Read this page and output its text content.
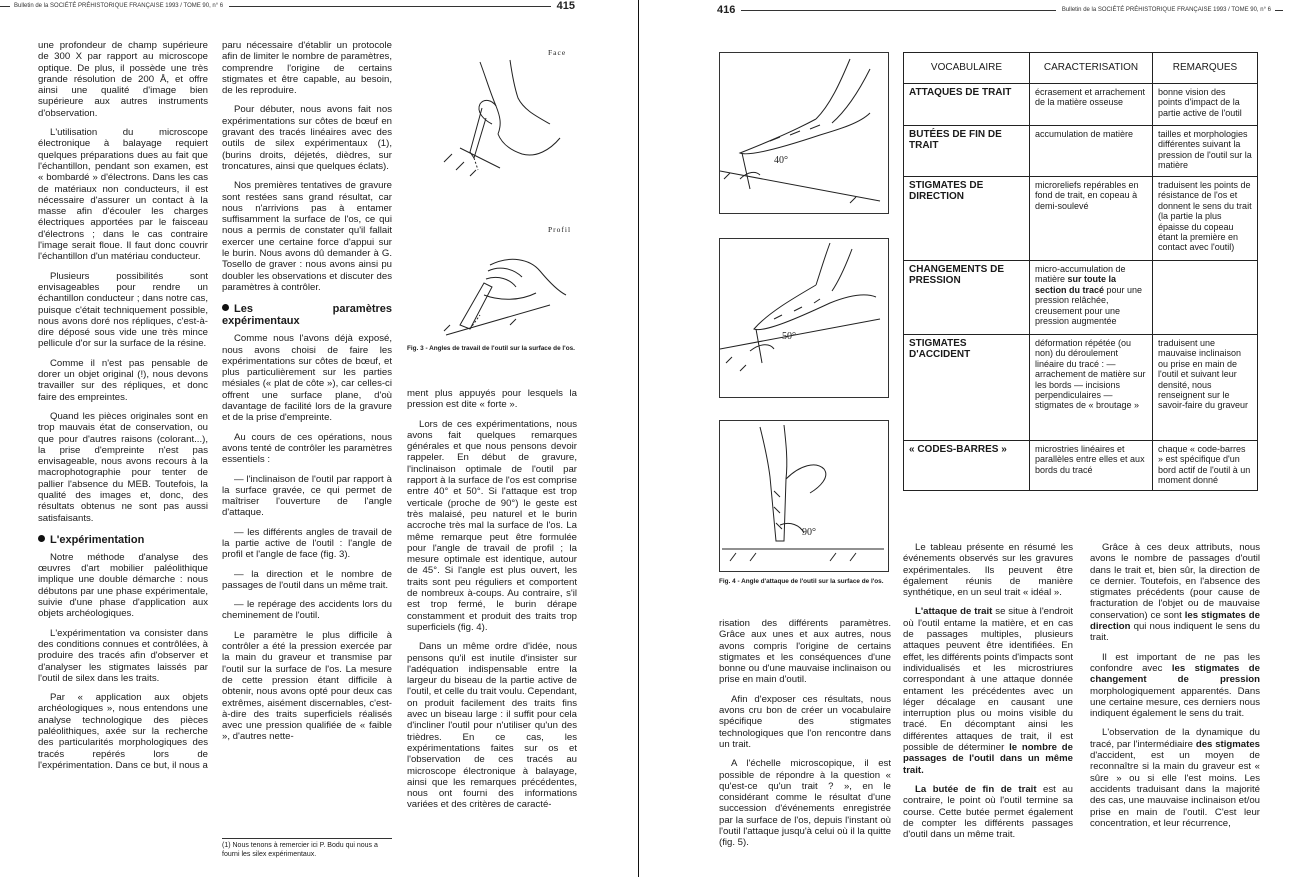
Bulletin de la SOCIÉTÉ PRÉHISTORIQUE FRANÇAISE 1993 / TOME 90, n° 6	415

une profondeur de champ supérieure de 300 X par rapport au microscope optique. De plus, il possède une très grande résolution de 200 Å, et offre ainsi une qualité d'image bien supérieure aux autres instruments d'observation.

L'utilisation du microscope électronique à balayage requiert quelques préparations dues au fait que l'échantillon, pendant son examen, est « bombardé » d'électrons. Dans les cas de matériaux non conducteurs, il est nécessaire d'assurer un contact à la masse afin d'écouler les charges électriques apportées par le faisceau d'électrons ; dans le cas contraire l'image serait floue. Il faut donc couvrir l'échantillon d'un matériau conducteur.

Plusieurs possibilités sont envisageables pour rendre un échantillon conducteur ; dans notre cas, puisque c'était techniquement possible, nous avons doré nos répliques, c'est-à-dire déposé sous vide une très mince pellicule d'or sur la surface de la résine.

Comme il n'est pas pensable de dorer un objet original (!), nous devons travailler sur des répliques, et donc faire des empreintes.

Quand les pièces originales sont en trop mauvais état de conservation, ou que pour d'autres raisons (colorant...), la prise d'empreinte n'est pas envisageable, nous avons recours à la macrophotographie pour tenter de pallier l'absence du MEB. Toutefois, la qualité des images et, donc, des résultats obtenus ne sont pas aussi satisfaisants.

L'expérimentation

Notre méthode d'analyse des œuvres d'art mobilier paléolithique implique une double démarche : nous débutons par une phase expérimentale, suivie d'une phase d'application aux objets archéologiques.

L'expérimentation va consister dans des conditions connues et contrôlées, à produire des tracés afin d'observer et d'analyser les stigmates laissés par l'outil de silex dans les traits.

Par « application aux objets archéologiques », nous entendons une analyse technologique des pièces paléolithiques, axée sur la recherche des particularités morphologiques des tracés repérés lors de l'expérimentation. Dans ce but, il nous a

paru nécessaire d'établir un protocole afin de limiter le nombre de paramètres, comprendre l'origine de certains stigmates et être capable, au besoin, de les reproduire.

Pour débuter, nous avons fait nos expérimentations sur côtes de bœuf en gravant des tracés linéaires avec des outils de silex expérimentaux (1), (burins droits, déjetés, dièdres, sur troncatures, ainsi que quelques éclats).

Nos premières tentatives de gravure sont restées sans grand résultat, car nous n'arrivions pas à entamer suffisamment la surface de l'os, ce qui nous a permis de constater qu'il fallait exercer une certaine force d'appui sur le burin. Nous avons dû demander à G. Tosello de graver : nous avons ainsi pu doubler les observations et discuter des paramètres à contrôler.

Les paramètres expérimentaux

Comme nous l'avons déjà exposé, nous avons choisi de faire les expérimentations sur côtes de bœuf, et plus particulièrement sur les parties mésiales (« plat de côte »), car celles-ci offrent une surface plane, d'où davantage de facilité lors de la gravure et de la prise d'empreinte.

Au cours de ces opérations, nous avons tenté de contrôler les paramètres essentiels :

— l'inclinaison de l'outil par rapport à la surface gravée, ce qui permet de maîtriser l'ouverture de l'angle d'attaque.

— les différents angles de travail de la partie active de l'outil : l'angle de profil et l'angle de face (fig. 3).

— la direction et le nombre de passages de l'outil dans un même trait.

— le repérage des accidents lors du cheminement de l'outil.

Le paramètre le plus difficile à contrôler a été la pression exercée par la main du graveur et transmise par l'outil sur la surface de l'os. La mesure de cette pression étant difficile à obtenir, nous avons opté pour deux cas extrêmes, aisément discernables, c'est-à-dire des traits superficiels réalisés avec une pression qualifiée de « faible », d'autres nette-

(1) Nous tenons à remercier ici P. Bodu qui nous a fourni les silex expérimentaux.
Face
Profil
Fig. 3 - Angles de travail de l'outil sur la surface de l'os.

ment plus appuyés pour lesquels la pression est dite « forte ».

Lors de ces expérimentations, nous avons fait quelques remarques générales et que nous pensons devoir rappeler. En début de gravure, l'inclinaison optimale de l'outil par rapport à la surface de l'os est comprise entre 40° et 50°. Si l'attaque est trop verticale (proche de 90°) le geste est très malaisé, peu naturel et le burin accroche très mal la surface de l'os. La même remarque peut être formulée pour l'angle de travail de profil ; la mesure optimale est identique, autour de 45°. Si l'angle est plus ouvert, les traits sont peu réguliers et comportent de nombreux à-coups. Au contraire, s'il est trop fermé, le burin dérape constamment et produit des traits trop superficiels (fig. 4).

Dans un même ordre d'idée, nous pensons qu'il est inutile d'insister sur l'adéquation indispensable entre la largeur du biseau de la partie active de l'outil, et celle du trait voulu. Cependant, on produit facilement des traits fins avec un biseau large : il suffit pour cela d'incliner l'outil pour n'utiliser qu'un des trièdres. En ce cas, les expérimentations faites sur os et l'observation de ces tracés au microscope électronique à balayage, ainsi que les remarques précédentes, nous ont fourni des informations variées et des critères de caracté-

416	Bulletin de la SOCIÉTÉ PRÉHISTORIQUE FRANÇAISE 1993 / TOME 90, n° 6
40°
50°
90°
Fig. 4 - Angle d'attaque de l'outil sur la surface de l'os.
VOCABULAIRE	CARACTERISATION	REMARQUES
ATTAQUES DE TRAIT	écrasement et arrachement de la matière osseuse	bonne vision des points d'impact de la partie active de l'outil
BUTÉES DE FIN DE TRAIT	accumulation de matière	tailles et morphologies différentes suivant la pression de l'outil sur la matière
STIGMATES DE DIRECTION	microreliefs repérables en fond de trait, en copeau à demi-soulevé	traduisent les points de résistance de l'os et donnent le sens du trait (la partie la plus épaisse du copeau étant la première en contact avec l'outil)
CHANGEMENTS DE PRESSION	micro-accumulation de matière sur toute la section du tracé pour une pression relâchée, creusement pour une pression augmentée	
STIGMATES D'ACCIDENT	déformation répétée (ou non) du déroulement linéaire du tracé : — arrachement de matière sur les bords — incisions perpendiculaires — stigmates de « broutage »	traduisent une mauvaise inclinaison ou prise en main de l'outil et suivant leur densité, nous renseignent sur le savoir-faire du graveur
« CODES-BARRES »	microstries linéaires et parallèles entre elles et aux bords du tracé	chaque « code-barres » est spécifique d'un bord actif de l'outil à un moment donné

risation des différents paramètres. Grâce aux unes et aux autres, nous avons compris l'origine de certains stigmates et les conséquences d'une bonne ou d'une mauvaise inclinaison ou prise en main d'outil.

Afin d'exposer ces résultats, nous avons cru bon de créer un vocabulaire spécifique des stigmates technologiques que l'on rencontre dans un trait.

A l'échelle microscopique, il est possible de répondre à la question « qu'est-ce qu'un trait ? », en le considérant comme le résultat d'une succession d'événements enregistrée par la surface de l'os, depuis l'instant où l'outil l'attaque jusqu'à celui où il la quitte (fig. 5).

Le tableau présente en résumé les événements observés sur les gravures expérimentales. Ils peuvent être également réunis de manière synthétique, en un seul trait « idéal ».

L'attaque de trait se situe à l'endroit où l'outil entame la matière, et en cas de passages multiples, plusieurs attaques peuvent être identifiées. En effet, les différents points d'impacts sont individualisés et les microstriures correspondant à une attaque donnée entament les précédentes avec un léger décalage en causant une interruption plus ou moins visible du tracé. En décomptant ainsi les différentes attaques de trait, il est possible de déterminer le nombre de passages de l'outil dans un même trait.

La butée de fin de trait est au contraire, le point où l'outil termine sa course. Cette butée permet également de compter les différents passages d'outil dans un même trait.

Grâce à ces deux attributs, nous avons le nombre de passages d'outil dans le trait et, bien sûr, la direction de ce dernier. Toutefois, en l'absence des stigmates précédents (pour cause de fracturation de l'objet ou de mauvaise conservation) ce sont les stigmates de direction qui nous indiquent le sens du trait.

Il est important de ne pas les confondre avec les stigmates de changement de pression morphologiquement apparentés. Dans une certaine mesure, ces derniers nous indiquent également le sens du trait.

L'observation de la dynamique du tracé, par l'intermédiaire des stigmates d'accident, est un moyen de reconnaître si la main du graveur est « sûre » ou si elle l'est moins. Les accidents traduisant dans la majorité des cas, une mauvaise inclinaison et/ou prise en main de l'outil. C'est leur concentration, et leur récurrence,
